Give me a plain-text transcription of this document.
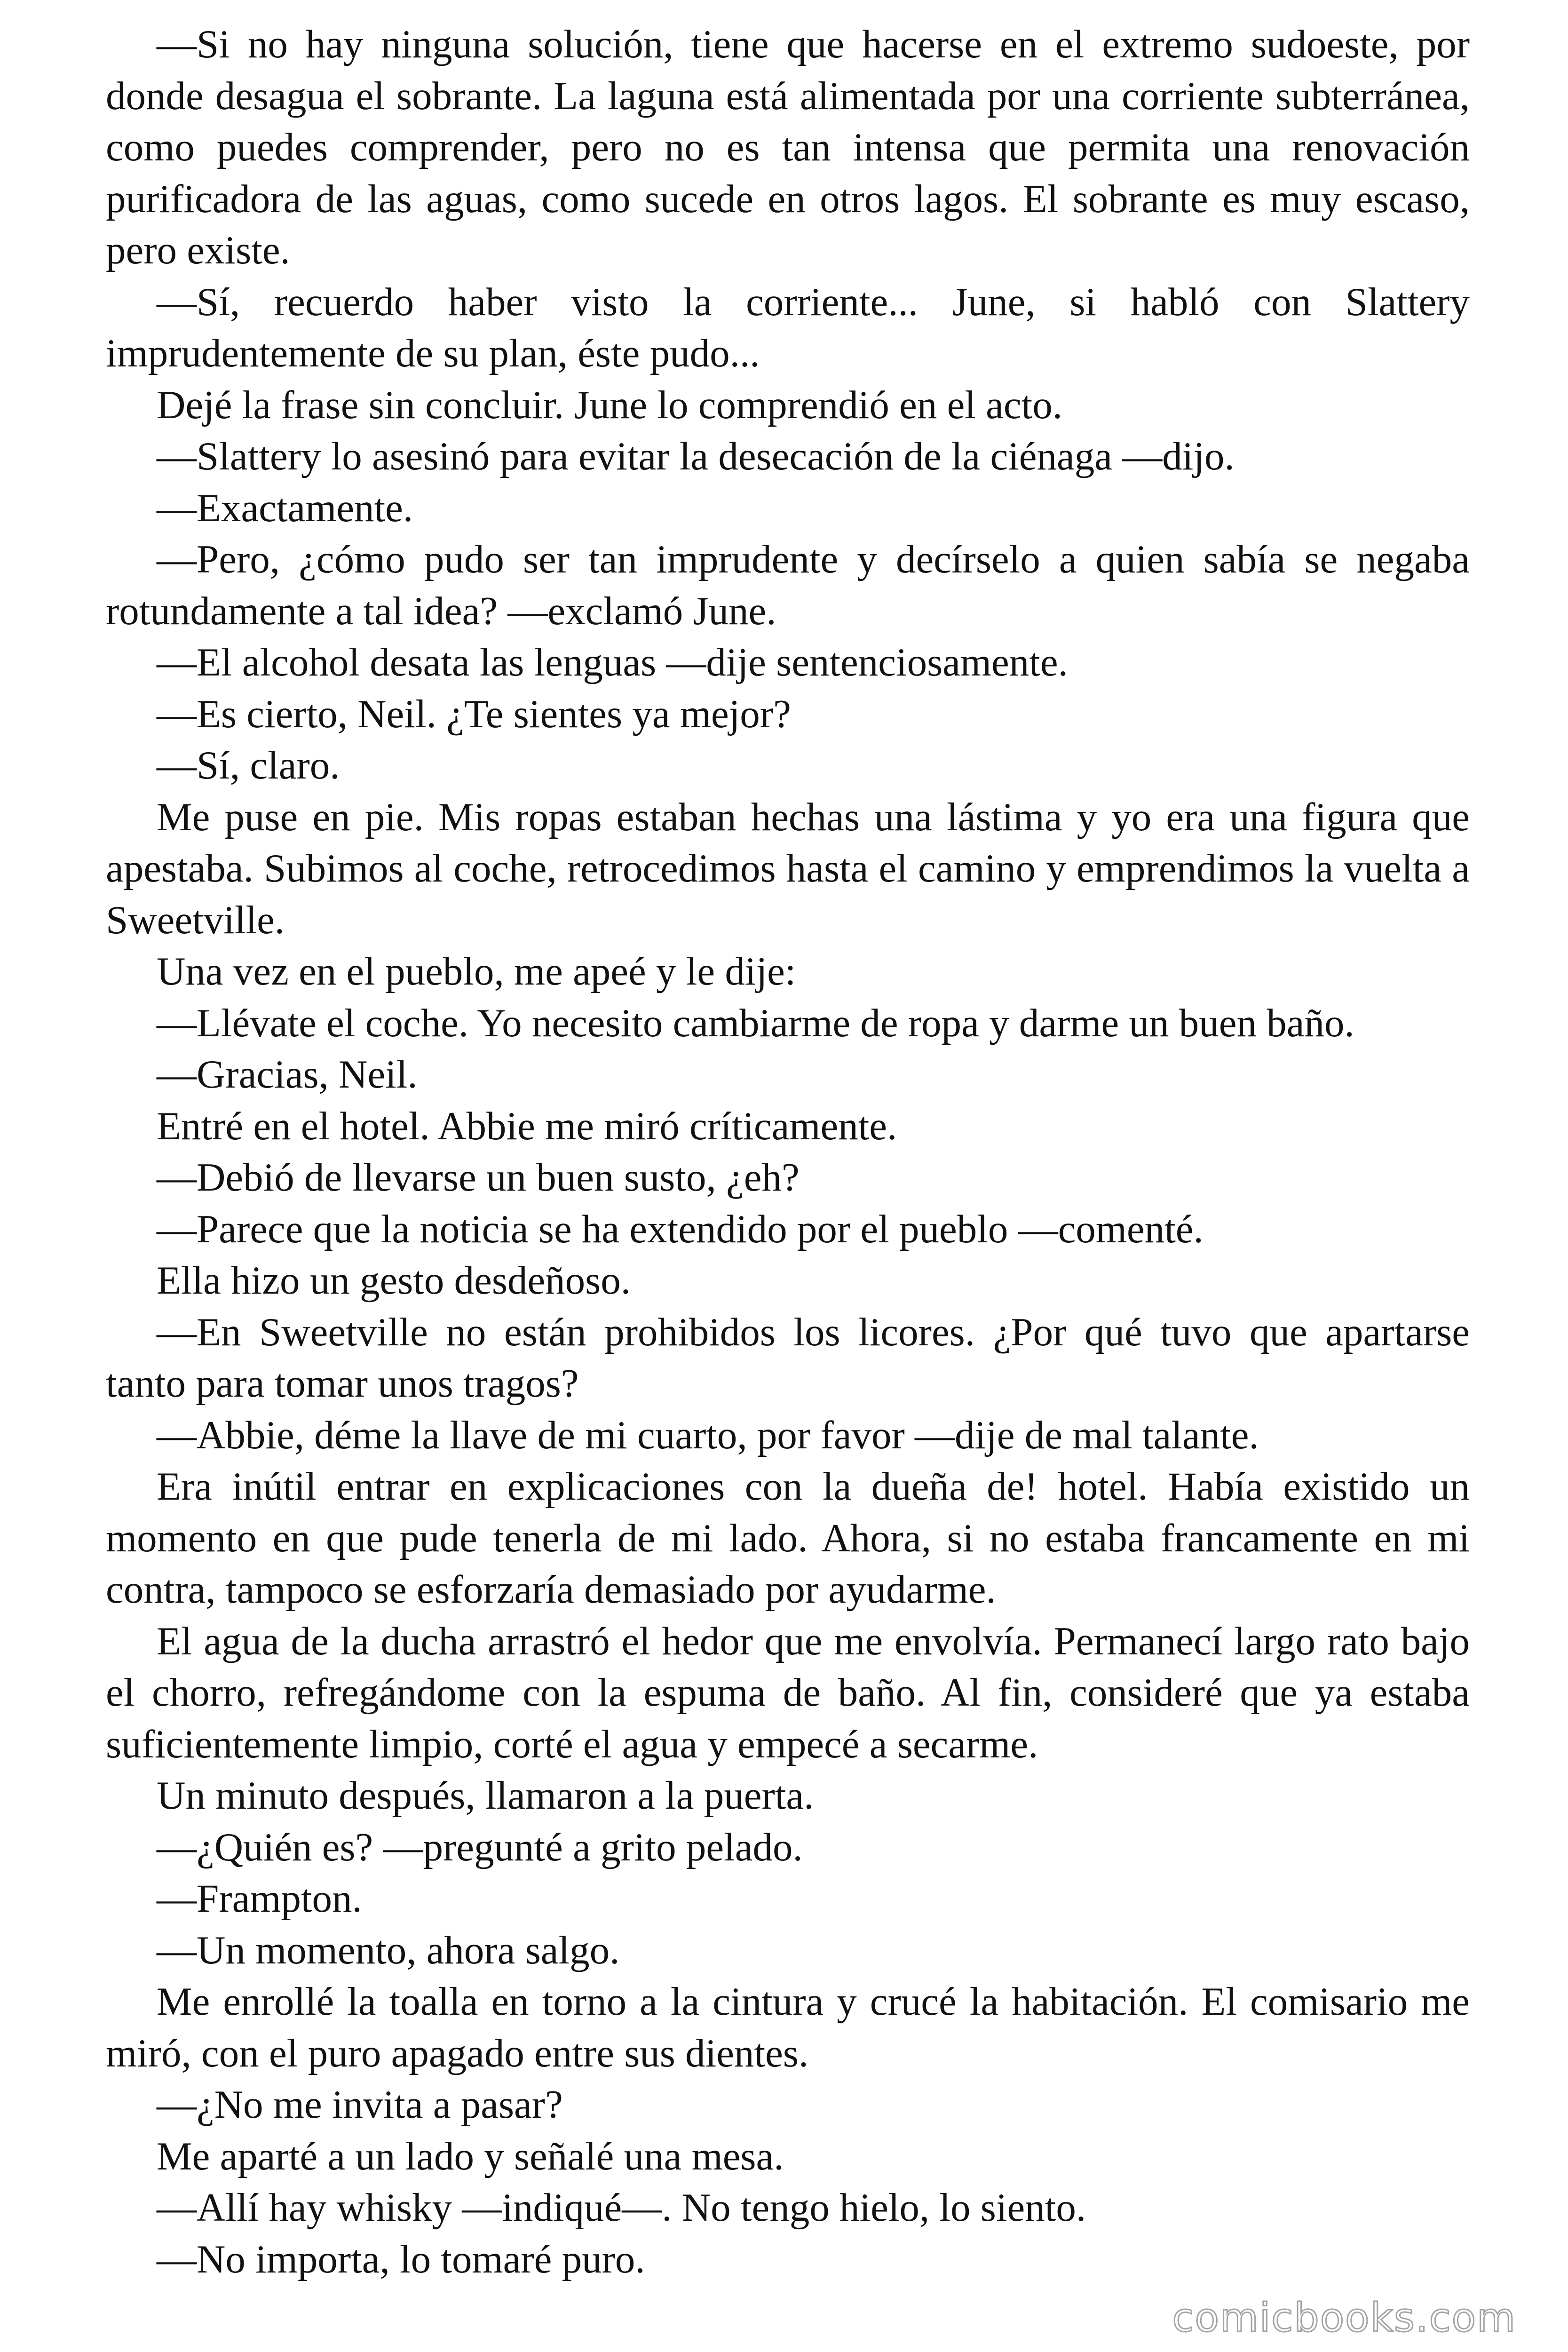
—Si no hay ninguna solución, tiene que hacerse en el extremo sudoeste, por donde desagua el sobrante. La laguna está alimentada por una corriente subterránea, como puedes comprender, pero no es tan intensa que permita una renovación purificadora de las aguas, como sucede en otros lagos. El sobrante es muy escaso, pero existe.

—Sí, recuerdo haber visto la corriente... June, si habló con Slattery imprudentemente de su plan, éste pudo...

Dejé la frase sin concluir. June lo comprendió en el acto.

—Slattery lo asesinó para evitar la desecación de la ciénaga —dijo.

—Exactamente.

—Pero, ¿cómo pudo ser tan imprudente y decírselo a quien sabía se negaba rotundamente a tal idea? —exclamó June.

—El alcohol desata las lenguas —dije sentenciosamente.

—Es cierto, Neil. ¿Te sientes ya mejor?

—Sí, claro.

Me puse en pie. Mis ropas estaban hechas una lástima y yo era una figura que apestaba. Subimos al coche, retrocedimos hasta el camino y emprendimos la vuelta a Sweetville.

Una vez en el pueblo, me apeé y le dije:

—Llévate el coche. Yo necesito cambiarme de ropa y darme un buen baño.

—Gracias, Neil.

Entré en el hotel. Abbie me miró críticamente.

—Debió de llevarse un buen susto, ¿eh?

—Parece que la noticia se ha extendido por el pueblo —comenté.

Ella hizo un gesto desdeñoso.

—En Sweetville no están prohibidos los licores. ¿Por qué tuvo que apartarse tanto para tomar unos tragos?

—Abbie, déme la llave de mi cuarto, por favor —dije de mal talante.

Era inútil entrar en explicaciones con la dueña de! hotel. Había existido un momento en que pude tenerla de mi lado. Ahora, si no estaba francamente en mi contra, tampoco se esforzaría demasiado por ayudarme.

El agua de la ducha arrastró el hedor que me envolvía. Permanecí largo rato bajo el chorro, refregándome con la espuma de baño. Al fin, consideré que ya estaba suficientemente limpio, corté el agua y empecé a secarme.

Un minuto después, llamaron a la puerta.

—¿Quién es? —pregunté a grito pelado.

—Frampton.

—Un momento, ahora salgo.

Me enrollé la toalla en torno a la cintura y crucé la habitación. El comisario me miró, con el puro apagado entre sus dientes.

—¿No me invita a pasar?

Me aparté a un lado y señalé una mesa.

—Allí hay whisky —indiqué—. No tengo hielo, lo siento.

—No importa, lo tomaré puro.

comicbooks.com
